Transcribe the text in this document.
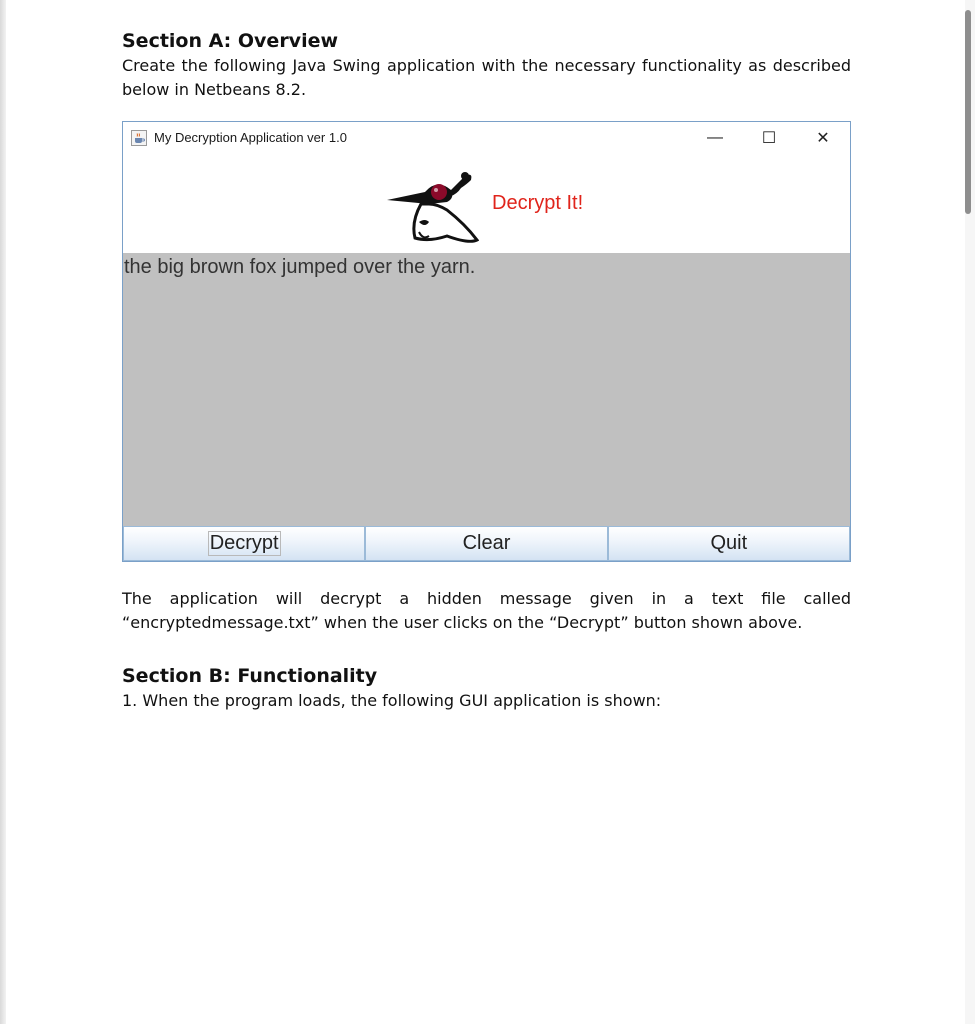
Section A: Overview

Create the following Java Swing application with the necessary functionality as described below in Netbeans 8.2.

My Decryption Application ver 1.0	—	☐	✕
Decrypt It!
the big brown fox jumped over the yarn.
Decrypt	Clear	Quit

The application will decrypt a hidden message given in a text file called “encryptedmessage.txt” when the user clicks on the “Decrypt” button shown above.

Section B: Functionality

1. When the program loads, the following GUI application is shown:
